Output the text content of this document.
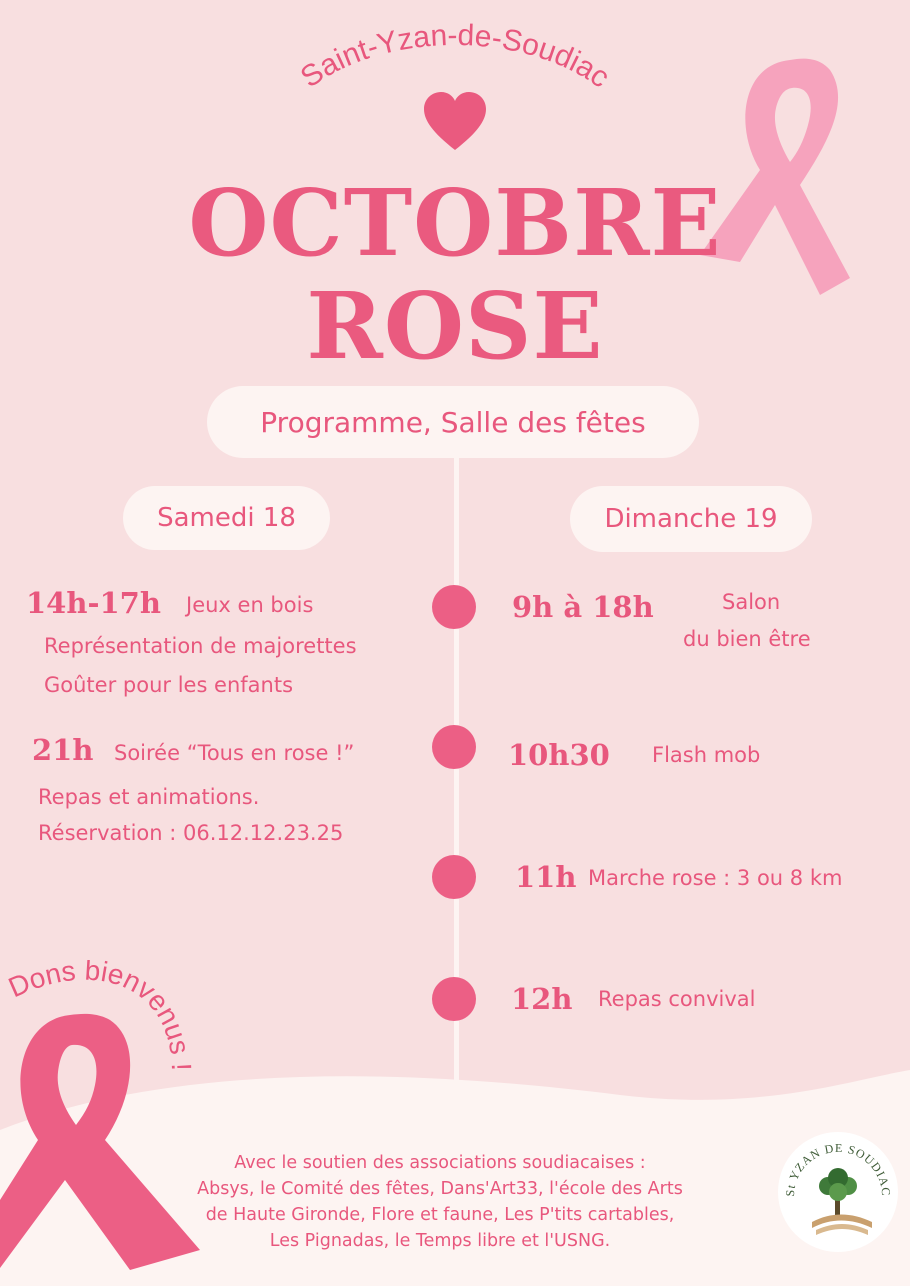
Saint-Yzan-de-Soudiac
OCTOBRE
ROSE
Programme, Salle des fêtes
Samedi 18	Dimanche 19
14h-17h Jeux en bois
Représentation de majorettes
Goûter pour les enfants
21h Soirée “Tous en rose !”
Repas et animations.
Réservation : 06.12.12.23.25
9h à 18h	Salon
du bien être
10h30 Flash mob
11h Marche rose : 3 ou 8 km
12h Repas convival
Dons bienvenus !
Avec le soutien des associations soudiacaises :
Absys, le Comité des fêtes, Dans'Art33, l'école des Arts
de Haute Gironde, Flore et faune, Les P'tits cartables,
Les Pignadas, le Temps libre et l'USNG.
St YZAN DE SOUDIAC
